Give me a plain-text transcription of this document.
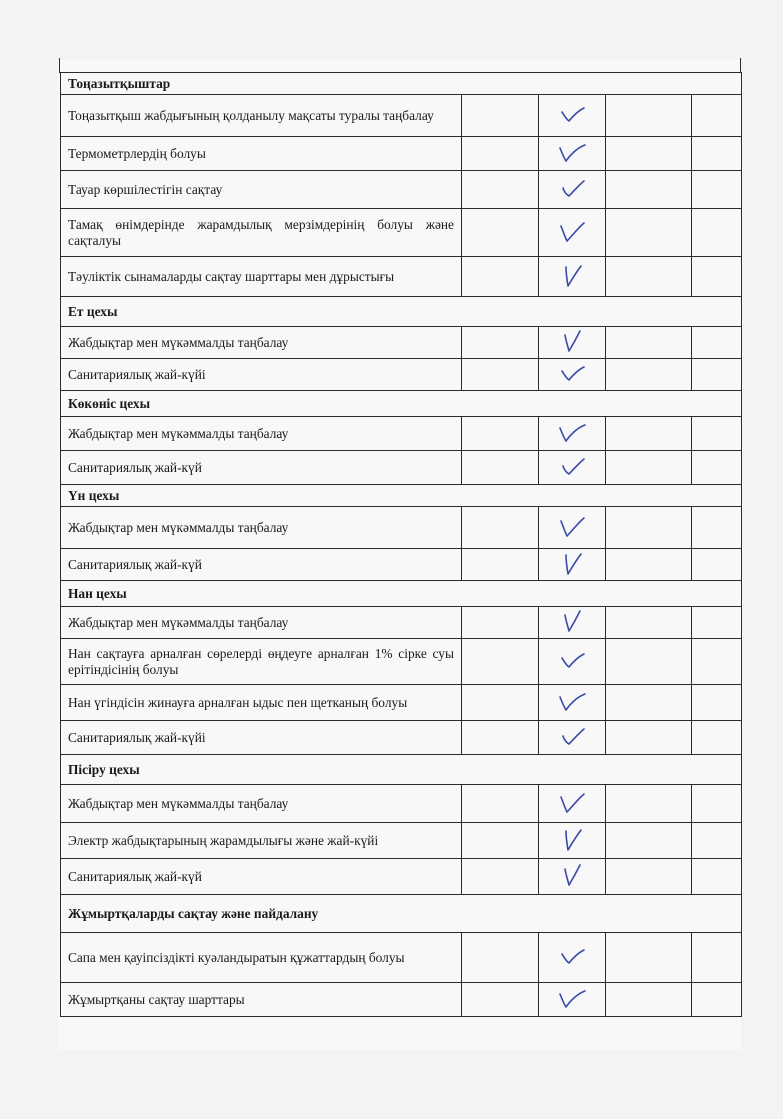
Тоңазытқыштар				
Тоңазытқыш жабдығының қолданылу мақсаты туралы таңбалау		

Термометрлердің болуы		

Тауар көршілестігін сақтау		

Тамақ өнімдерінде жарамдылық мерзімдерінің болуы және сақталуы		

Тәуліктік сынамаларды сақтау шарттары мен дұрыстығы		

Ет цехы				
Жабдықтар мен мүкәммалды таңбалау		

Санитариялық жай-күйі		

Көкөніс цехы				
Жабдықтар мен мүкәммалды таңбалау		

Санитариялық жай-күй		

Үн цехы				
Жабдықтар мен мүкәммалды таңбалау		

Санитариялық жай-күй		

Нан цехы				
Жабдықтар мен мүкәммалды таңбалау		

Нан сақтауға арналған сөрелерді өңдеуге арналған 1% сірке суы ерітіндісінің болуы		

Нан үгіндісін жинауға арналған ыдыс пен щетканың болуы		

Санитариялық жай-күйі		

Пісіру цехы				
Жабдықтар мен мүкәммалды таңбалау		

Электр жабдықтарының жарамдылығы және жай-күйі		

Санитариялық жай-күй		

Жұмыртқаларды сақтау және пайдалану				
Сапа мен қауіпсіздікті куәландыратын құжаттардың болуы		

Жұмыртқаны сақтау шарттары		
